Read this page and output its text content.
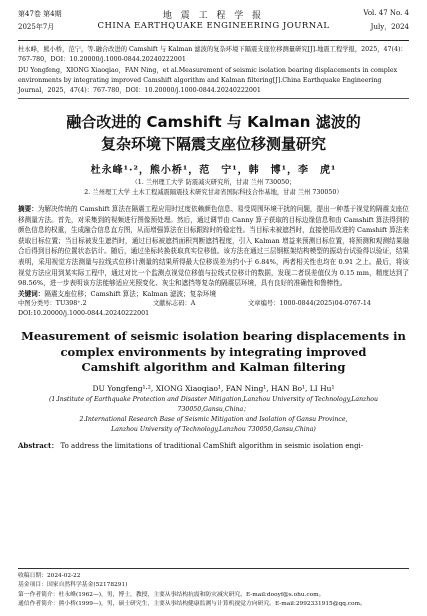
第47卷 第4期
2025年7月
地 震 工 程 学 报
CHINA EARTHQUAKE ENGINEERING JOURNAL
Vol. 47 No. 4
July，2024
杜永峰，熊小桥，范宁，等.融合改进的 Camshift 与 Kalman 滤波的复杂环境下隔震支座位移测量研究[J].地震工程学报，2025，47(4)：767-780，DOI：10.20000/j.1000-0844.20240222001
DU Yongfeng，XIONG Xiaoqiao，FAN Ning，et al.Measurement of seismic isolation bearing displacements in complex environments by integrating improved Camshift algorithm and Kalman filtering[J].China Earthquake Engineering Journal，2025，47(4)：767-780，DOI：10.20000/j.1000-0844.20240222001
融合改进的 Camshift 与 Kalman 滤波的
复杂环境下隔震支座位移测量研究
杜永峰¹·²，熊小桥¹，范　宁¹，韩　博¹，李　虎¹
（1. 兰州理工大学 防震减灾研究所，甘肃 兰州 730050；
2. 兰州理工大学 土木工程减震隔震技术研究甘肃省国际科技合作基地，甘肃 兰州 730050）
摘要：为解决传统的 Camshift 算法在隔震工程应用时过度依赖颜色信息、易受周围环境干扰的问题，提出一种基于视觉的隔震支座位移测量方法。首先，对采集到的视频进行图像预处理。然后，通过调节由 Canny 算子获取的目标边缘信息和由 Camshift 算法得到的颜色信息的权重，生成融合信息直方图，从而增强算法在目标跟踪时的稳定性。当目标未被遮挡时，直接使用改进的 Camshift 算法来获取目标位置；当目标被发生遮挡时，通过目标被遮挡面积判断遮挡程度，引入 Kalman 增益来预测目标位置，将预测和观测结果融合后得到目标的位置状态估计。随后，通过坐标转换获取真实位移值。该方法在通过三层钢框架结构模型的振动台试验得以验证，结果表明，采用视觉方法测量与拉线式位移计测量的结果所得最大位移误差为约小于 6.84%，两者相关性也均在 0.91 之上。最后，将该视觉方法应用到某实际工程中，通过对比一个监测点视觉位移值与拉线式位移计的数据，发现二者误差值仅为 0.15 mm，精度达到了 98.56%，进一步表明该方法能够适应光照变化、灰尘和遮挡等复杂的隔震层环境，具有良好的准确性和鲁棒性。
关键词：隔震支座位移；Camshift 算法；Kalman 滤波；复杂环境
中图分类号：TU398⁺.2	文献标志码：A	文章编号：1000-0844(2025)04-0767-14
DOI:10.20000/j.1000-0844.20240222001
Measurement of seismic isolation bearing displacements in
complex environments by integrating improved
Camshift algorithm and Kalman filtering
DU Yongfeng¹·², XIONG Xiaoqiao¹, FAN Ning¹, HAN Bo¹, LI Hu¹
(1.Institute of Earthquake Protection and Disaster Mitigation,Lanzhou University of Technology,Lanzhou 730050,Gansu,China；
2.International Research Base of Seismic Mitigation and Isolation of Gansu Province,
Lanzhou University of Technology,Lanzhou 730050,Gansu,China)
Abstract： To address the limitations of traditional CamShift algorithm in seismic isolation engi-
收稿日期：2024-02-22
基金项目：国家自然科学基金(52178291)
第一作者简介：杜永峰(1962—)，男，博士，教授，主要从事结构抗震和防灾减灾研究。E-mail:dooyf@s.ohu.com。
通信作者简介：熊小桥(1999—)，男，硕士研究生，主要从事结构健康监测与计算机视觉方向研究。E-mail:2992331915@qq.com。
